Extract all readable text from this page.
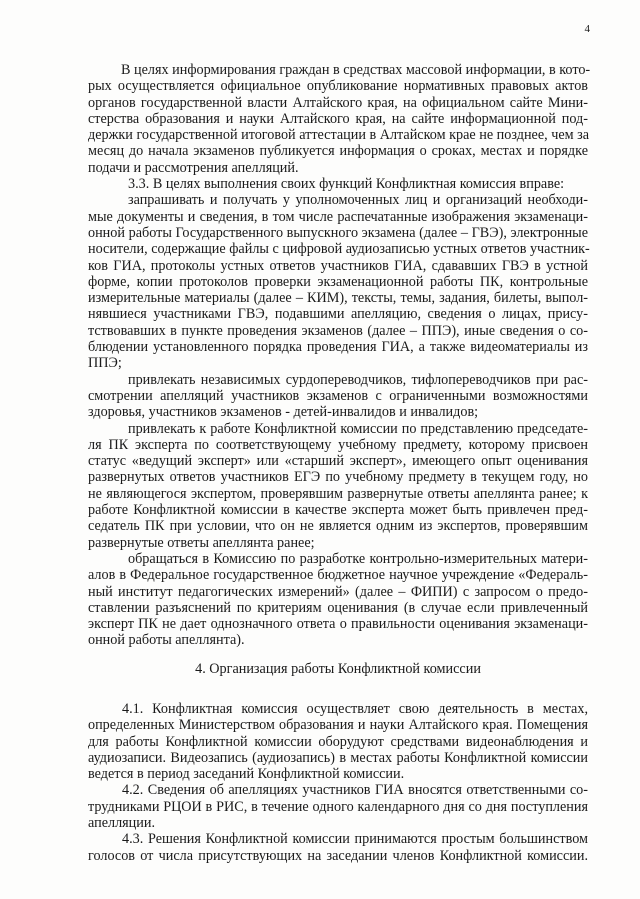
4
В целях информирования граждан в средствах массовой информации, в кото-
рых осуществляется официальное опубликование нормативных правовых актов
органов государственной власти Алтайского края, на официальном сайте Мини-
стерства образования и науки Алтайского края, на сайте информационной под-
держки государственной итоговой аттестации в Алтайском крае не позднее, чем за
месяц до начала экзаменов публикуется информация о сроках, местах и порядке
подачи и рассмотрения апелляций.
3.3. В целях выполнения своих функций Конфликтная комиссия вправе:
запрашивать и получать у уполномоченных лиц и организаций необходи-
мые документы и сведения, в том числе распечатанные изображения экзаменаци-
онной работы Государственного выпускного экзамена (далее – ГВЭ), электронные
носители, содержащие файлы с цифровой аудиозаписью устных ответов участник-
ков ГИА, протоколы устных ответов участников ГИА, сдававших ГВЭ в устной
форме, копии протоколов проверки экзаменационной работы ПК, контрольные
измерительные материалы (далее – КИМ), тексты, темы, задания, билеты, выпол-
нявшиеся участниками ГВЭ, подавшими апелляцию, сведения о лицах, прису-
тствовавших в пункте проведения экзаменов (далее – ППЭ), иные сведения о со-
блюдении установленного порядка проведения ГИА, а также видеоматериалы из
ППЭ;
привлекать независимых сурдопереводчиков, тифлопереводчиков при рас-
смотрении апелляций участников экзаменов с ограниченными возможностями
здоровья, участников экзаменов - детей-инвалидов и инвалидов;
привлекать к работе Конфликтной комиссии по представлению председате-
ля ПК эксперта по соответствующему учебному предмету, которому присвоен
статус «ведущий эксперт» или «старший эксперт», имеющего опыт оценивания
развернутых ответов участников ЕГЭ по учебному предмету в текущем году, но
не являющегося экспертом, проверявшим развернутые ответы апеллянта ранее; к
работе Конфликтной комиссии в качестве эксперта может быть привлечен пред-
седатель ПК при условии, что он не является одним из экспертов, проверявшим
развернутые ответы апеллянта ранее;
обращаться в Комиссию по разработке контрольно-измерительных матери-
алов в Федеральное государственное бюджетное научное учреждение «Федераль-
ный институт педагогических измерений» (далее – ФИПИ) с запросом о предо-
ставлении разъяснений по критериям оценивания (в случае если привлеченный
эксперт ПК не дает однозначного ответа о правильности оценивания экзаменаци-
онной работы апеллянта).
4. Организация работы Конфликтной комиссии
4.1. Конфликтная комиссия осуществляет свою деятельность в местах,
определенных Министерством образования и науки Алтайского края. Помещения
для работы Конфликтной комиссии оборудуют средствами видеонаблюдения и
аудиозаписи. Видеозапись (аудиозапись) в местах работы Конфликтной комиссии
ведется в период заседаний Конфликтной комиссии.
4.2. Сведения об апелляциях участников ГИА вносятся ответственными со-
трудниками РЦОИ в РИС, в течение одного календарного дня со дня поступления
апелляции.
4.3. Решения Конфликтной комиссии принимаются простым большинством
голосов от числа присутствующих на заседании членов Конфликтной комиссии.
